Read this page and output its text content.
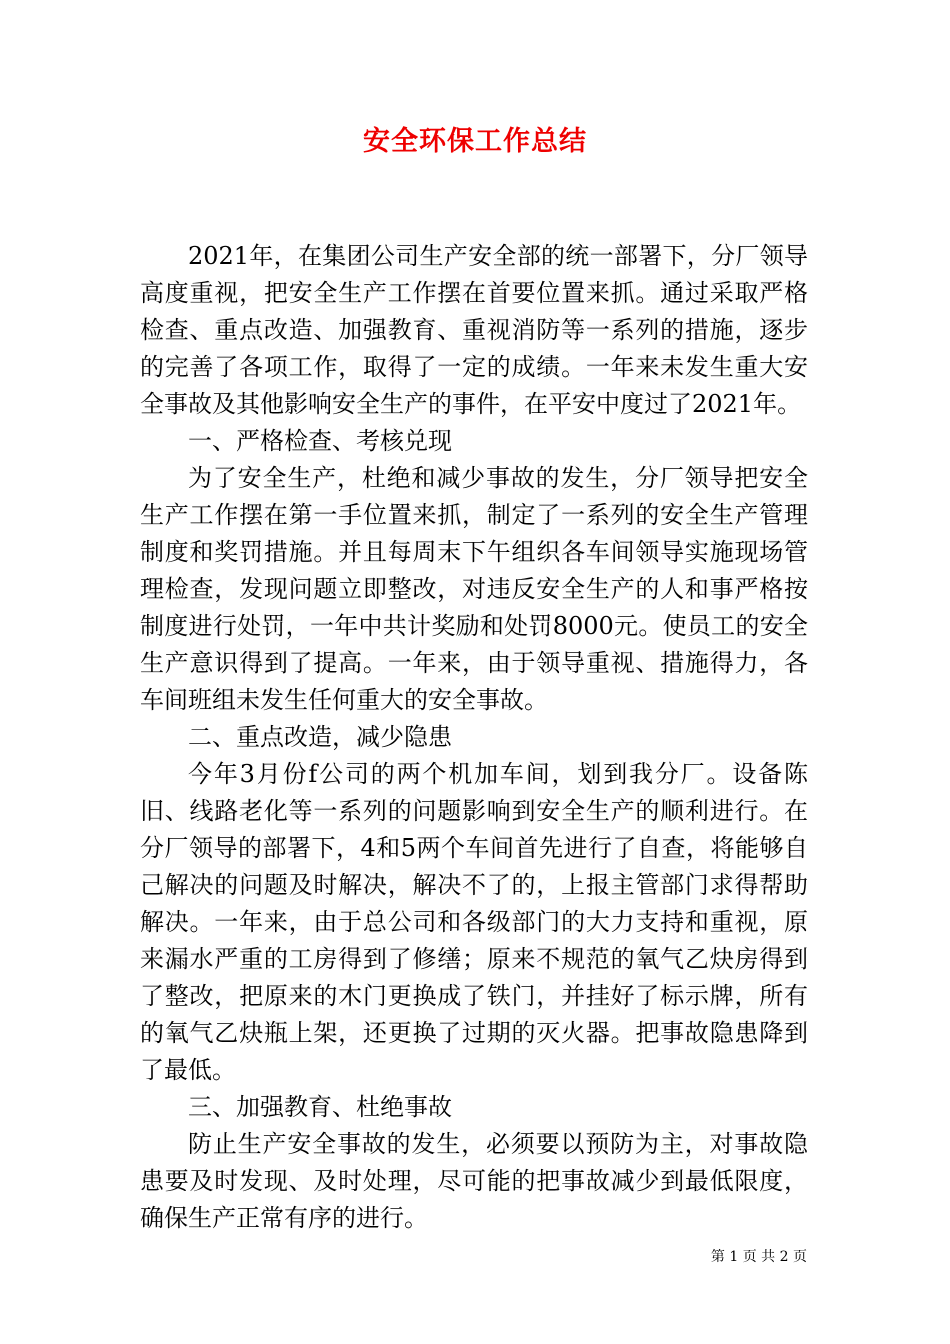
安全环保工作总结

2021年，在集团公司生产安全部的统一部署下，分厂领导高度重视，把安全生产工作摆在首要位置来抓。通过采取严格检查、重点改造、加强教育、重视消防等一系列的措施，逐步的完善了各项工作，取得了一定的成绩。一年来未发生重大安全事故及其他影响安全生产的事件，在平安中度过了2021年。

一、严格检查、考核兑现

为了安全生产，杜绝和减少事故的发生，分厂领导把安全生产工作摆在第一手位置来抓，制定了一系列的安全生产管理制度和奖罚措施。并且每周末下午组织各车间领导实施现场管理检查，发现问题立即整改，对违反安全生产的人和事严格按制度进行处罚，一年中共计奖励和处罚8000元。使员工的安全生产意识得到了提高。一年来，由于领导重视、措施得力，各车间班组未发生任何重大的安全事故。

二、重点改造，减少隐患

今年3月份f公司的两个机加车间，划到我分厂。设备陈旧、线路老化等一系列的问题影响到安全生产的顺利进行。在分厂领导的部署下，4和5两个车间首先进行了自查，将能够自己解决的问题及时解决，解决不了的，上报主管部门求得帮助解决。一年来，由于总公司和各级部门的大力支持和重视，原来漏水严重的工房得到了修缮；原来不规范的氧气乙炔房得到了整改，把原来的木门更换成了铁门，并挂好了标示牌，所有的氧气乙炔瓶上架，还更换了过期的灭火器。把事故隐患降到了最低。

三、加强教育、杜绝事故

防止生产安全事故的发生，必须要以预防为主，对事故隐患要及时发现、及时处理，尽可能的把事故减少到最低限度，确保生产正常有序的进行。

第 1 页 共 2 页
